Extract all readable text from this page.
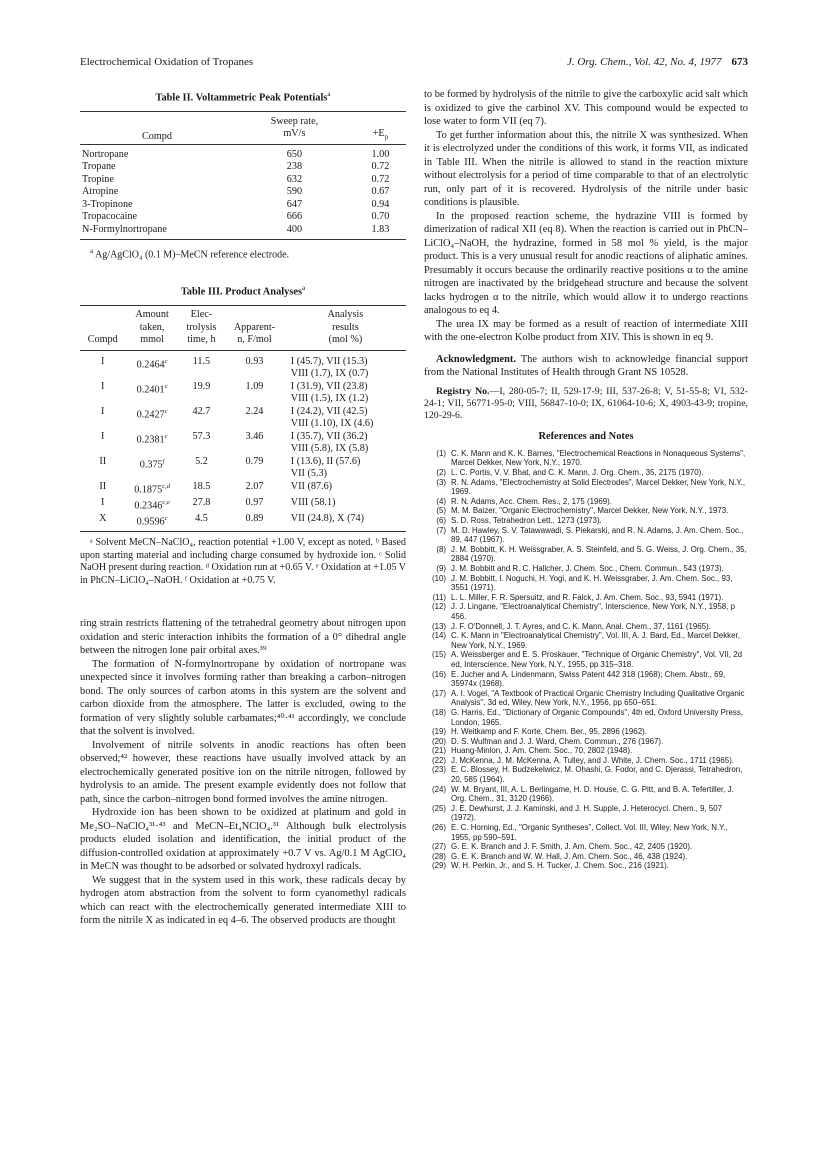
Electrochemical Oxidation of Tropanes	J. Org. Chem., Vol. 42, No. 4, 1977 673
Table II. Voltammetric Peak Potentials$^a$
Compd	Sweep rate,	$+E_p$
	mV/s	

Nortropane	650	1.00
Tropane	238	0.72
Tropine	632	0.72
Atropine	590	0.67
3-Tropinone	647	0.94
Tropacocaine	666	0.70
N-Formylnortropane	400	1.83

$^a$ Ag/AgClO₄ (0.1 M)–MeCN reference electrode.
Table III. Product Analyses$^a$

	Amount	Elec-		Analysis
	taken,	trolysis	Apparent-	results
Compd	mmol	time, h	n, F/mol	(mol %)

I	0.2464$^c$	11.5	0.93	I (45.7), VII (15.3)
VIII (1.7), IX (0.7)

I	0.2401$^c$	19.9	1.09	I (31.9), VII (23.8)
VIII (1.5), IX (1.2)

I	0.2427$^c$	42.7	2.24	I (24.2), VII (42.5)
VIII (1.10), IX (4.6)

I	0.2381$^c$	57.3	3.46	I (35.7), VII (36.2)
VIII (5.8), IX (5.8)

II	0.375$^f$	5.2	0.79	I (13.6), II (57.6)
VII (5.3)

II	0.1875$^{c,d}$	18.5	2.07	VII (87.6)

I	0.2346$^{c,e}$	27.8	0.97	VIII (58.1)

X	0.9596$^c$	4.5	0.89	VII (24.8), X (74)

ᵃ Solvent MeCN–NaClO₄, reaction potential +1.00 V, except as noted. ᵇ Based upon starting material and including charge consumed by hydroxide ion. ᶜ Solid NaOH present during reaction. ᵈ Oxidation run at +0.65 V. ᵉ Oxidation at +1.05 V in PhCN–LiClO₄–NaOH. ᶠ Oxidation at +0.75 V.

ring strain restricts flattening of the tetrahedral geometry about nitrogen upon oxidation and steric interaction inhibits the formation of a 0° dihedral angle between the nitrogen lone pair orbital axes.³⁹

The formation of N-formylnortropane by oxidation of nortropane was unexpected since it involves forming rather than breaking a carbon–nitrogen bond. The only sources of carbon atoms in this system are the solvent and carbon dioxide from the atmosphere. The latter is excluded, owing to the formation of very slightly soluble carbamates;⁴⁰·⁴¹ accordingly, we conclude that the solvent is involved.

Involvement of nitrile solvents in anodic reactions has often been observed;⁴² however, these reactions have usually involved attack by an electrochemically generated positive ion on the nitrile nitrogen, followed by hydrolysis to an amide. The present example evidently does not follow that path, since the carbon–nitrogen bond formed involves the amine nitrogen.

Hydroxide ion has been shown to be oxidized at platinum and gold in Me₂SO–NaClO₄³¹·⁴³ and MeCN–Et₄NClO₄.³¹ Although bulk electrolysis products eluded isolation and identification, the initial product of the diffusion-controlled oxidation at approximately +0.7 V vs. Ag/0.1 M AgClO₄ in MeCN was thought to be adsorbed or solvated hydroxyl radicals.

We suggest that in the system used in this work, these radicals decay by hydrogen atom abstraction from the solvent to form cyanomethyl radicals which can react with the electrochemically generated intermediate XIII to form the nitrile X as indicated in eq 4–6. The observed products are thought

to be formed by hydrolysis of the nitrile to give the carboxylic acid salt which is oxidized to give the carbinol XV. This compound would be expected to lose water to form VII (eq 7).

To get further information about this, the nitrile X was synthesized. When it is electrolyzed under the conditions of this work, it forms VII, as indicated in Table III. When the nitrile is allowed to stand in the reaction mixture without electrolysis for a period of time comparable to that of an electrolytic run, only part of it is recovered. Hydrolysis of the nitrile under basic conditions is plausible.

In the proposed reaction scheme, the hydrazine VIII is formed by dimerization of radical XII (eq 8). When the reaction is carried out in PhCN–LiClO₄–NaOH, the hydrazine, formed in 58 mol % yield, is the major product. This is a very unusual result for anodic reactions of aliphatic amines. Presumably it occurs because the ordinarily reactive positions α to the amine nitrogen are inactivated by the bridgehead structure and because the solvent lacks hydrogen α to the nitrile, which would allow it to undergo reactions analogous to eq 4.

The urea IX may be formed as a result of reaction of intermediate XIII with the one-electron Kolbe product from XIV. This is shown in eq 9.

Acknowledgment. The authors wish to acknowledge financial support from the National Institutes of Health through Grant NS 10528.

Registry No.—I, 280-05-7; II, 529-17-9; III, 537-26-8; V, 51-55-8; VI, 532-24-1; VII, 56771-95-0; VIII, 56847-10-0; IX, 61064-10-6; X, 4903-43-9; tropine, 120-29-6.

References and Notes
(1) C. K. Mann and K. K. Barnes, "Electrochemical Reactions in Nonaqueous Systems", Marcel Dekker, New York, N.Y., 1970.
(2) L. C. Portis, V. V. Bhat, and C. K. Mann, J. Org. Chem., 35, 2175 (1970).
(3) R. N. Adams, "Electrochemistry at Solid Electrodes", Marcel Dekker, New York, N.Y., 1969.
(4) R. N. Adams, Acc. Chem. Res., 2, 175 (1969).
(5) M. M. Baizer, "Organic Electrochemistry", Marcel Dekker, New York, N.Y., 1973.
(6) S. D. Ross, Tetrahedron Lett., 1273 (1973).
(7) M. D. Hawley, S. V. Tatawawadi, S. Piekarski, and R. N. Adams, J. Am. Chem. Soc., 89, 447 (1967).
(8) J. M. Bobbitt, K. H. Weissgraber, A. S. Steinfeld, and S. G. Weiss, J. Org. Chem., 35, 2884 (1970).
(9) J. M. Bobbitt and R. C. Hallcher, J. Chem. Soc., Chem. Commun., 543 (1973).
(10) J. M. Bobbitt, I. Noguchi, H. Yogi, and K. H. Weissgraber, J. Am. Chem. Soc., 93, 3551 (1971).
(11) L. L. Miller, F. R. Spersuitz, and R. Falck, J. Am. Chem. Soc., 93, 5941 (1971).
(12) J. J. Lingane, "Electroanalytical Chemistry", Interscience, New York, N.Y., 1958, p 456.
(13) J. F. O'Donnell, J. T. Ayres, and C. K. Mann, Anal. Chem., 37, 1161 (1965).
(14) C. K. Mann in "Electroanalytical Chemistry", Vol. III, A. J. Bard, Ed., Marcel Dekker, New York, N.Y., 1969.
(15) A. Weissberger and E. S. Proskauer, "Technique of Organic Chemistry", Vol. VII, 2d ed, Interscience, New York, N.Y., 1955, pp 315–318.
(16) E. Jucher and A. Lindenmann, Swiss Patent 442 318 (1968); Chem. Abstr., 69, 35974x (1968).
(17) A. I. Vogel, "A Textbook of Practical Organic Chemistry Including Qualitative Organic Analysis", 3d ed, Wiley, New York, N.Y., 1956, pp 650–651.
(18) G. Harris, Ed., "Dictionary of Organic Compounds", 4th ed, Oxford University Press, London, 1965.
(19) H. Weitkamp and F. Korte, Chem. Ber., 95, 2896 (1962).
(20) D. S. Wulfman and J. J. Ward, Chem. Commun., 276 (1967).
(21) Huang-Minlon, J. Am. Chem. Soc., 70, 2802 (1948).
(22) J. McKenna, J. M. McKenna, A. Tulley, and J. White, J. Chem. Soc., 1711 (1965).
(23) E. C. Blossey, H. Budzekelwicz, M. Ohashi, G. Fodor, and C. Djerassi, Tetrahedron, 20, 585 (1964).
(24) W. M. Bryant, III, A. L. Berlingame, H. D. House, C. G. Pitt, and B. A. Tefertiller, J. Org. Chem., 31, 3120 (1966).
(25) J. E. Dewhurst, J. J. Kaminski, and J. H. Supple, J. Heterocycl. Chem., 9, 507 (1972).
(26) E. C. Horning, Ed., "Organic Syntheses", Collect. Vol. III, Wiley, New York, N.Y., 1955, pp 590–591.
(27) G. E. K. Branch and J. F. Smith, J. Am. Chem. Soc., 42, 2405 (1920).
(28) G. E. K. Branch and W. W. Hall, J. Am. Chem. Soc., 46, 438 (1924).
(29) W. H. Perkin, Jr., and S. H. Tucker, J. Chem. Soc., 216 (1921).
